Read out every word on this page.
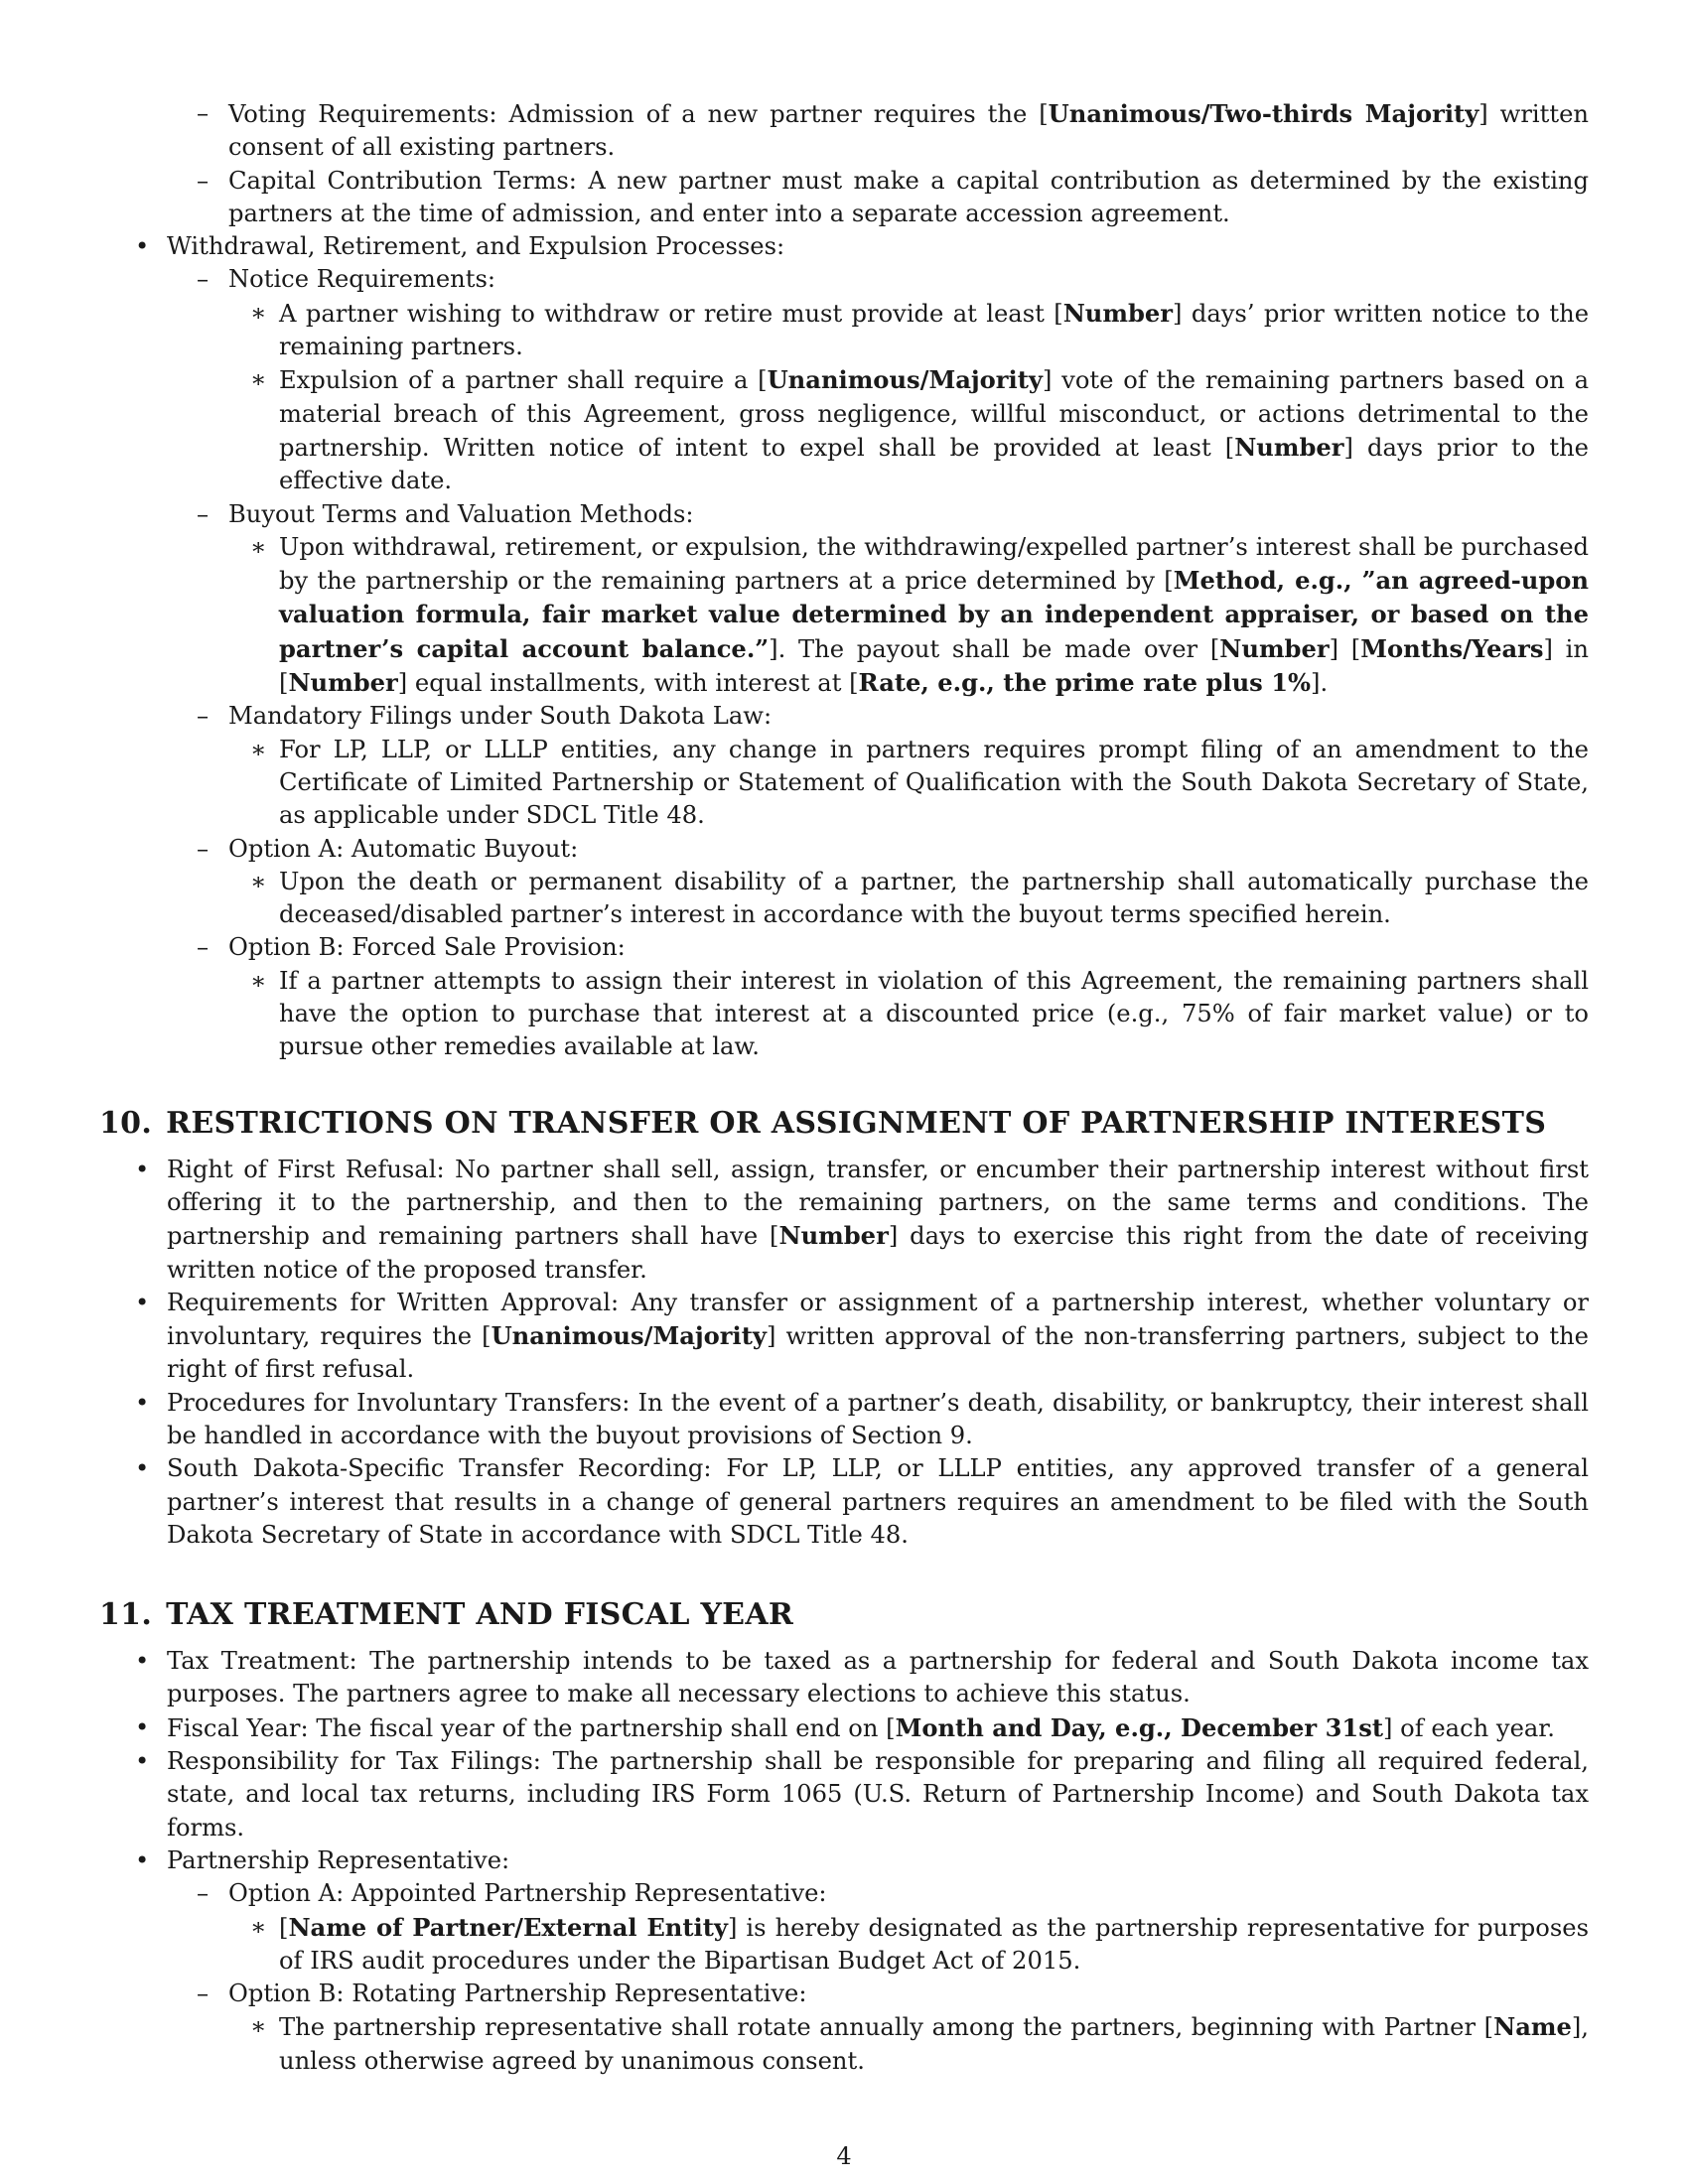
– Voting Requirements: Admission of a new partner requires the [Unanimous/Two-thirds Majority] written consent of all existing partners.
– Capital Contribution Terms: A new partner must make a capital contribution as determined by the existing partners at the time of admission, and enter into a separate accession agreement.
• Withdrawal, Retirement, and Expulsion Processes:
– Notice Requirements:
∗ A partner wishing to withdraw or retire must provide at least [Number] days’ prior written notice to the remaining partners.
∗ Expulsion of a partner shall require a [Unanimous/Majority] vote of the remaining partners based on a material breach of this Agreement, gross negligence, willful misconduct, or actions detrimental to the partnership. Written notice of intent to expel shall be provided at least [Number] days prior to the effective date.
– Buyout Terms and Valuation Methods:
∗ Upon withdrawal, retirement, or expulsion, the withdrawing/expelled partner’s interest shall be purchased by the partnership or the remaining partners at a price determined by [Method, e.g., ”an agreed-upon valuation formula, fair market value determined by an independent appraiser, or based on the partner’s capital account balance.”]. The payout shall be made over [Number] [Months/Years] in [Number] equal installments, with interest at [Rate, e.g., the prime rate plus 1%].
– Mandatory Filings under South Dakota Law:
∗ For LP, LLP, or LLLP entities, any change in partners requires prompt filing of an amendment to the Certificate of Limited Partnership or Statement of Qualification with the South Dakota Secretary of State, as applicable under SDCL Title 48.
– Option A: Automatic Buyout:
∗ Upon the death or permanent disability of a partner, the partnership shall automatically purchase the deceased/disabled partner’s interest in accordance with the buyout terms specified herein.
– Option B: Forced Sale Provision:
∗ If a partner attempts to assign their interest in violation of this Agreement, the remaining partners shall have the option to purchase that interest at a discounted price (e.g., 75% of fair market value) or to pursue other remedies available at law.
10. RESTRICTIONS ON TRANSFER OR ASSIGNMENT OF PARTNERSHIP INTERESTS
• Right of First Refusal: No partner shall sell, assign, transfer, or encumber their partnership interest without first offering it to the partnership, and then to the remaining partners, on the same terms and conditions. The partnership and remaining partners shall have [Number] days to exercise this right from the date of receiving written notice of the proposed transfer.
• Requirements for Written Approval: Any transfer or assignment of a partnership interest, whether voluntary or involuntary, requires the [Unanimous/Majority] written approval of the non-transferring partners, subject to the right of first refusal.
• Procedures for Involuntary Transfers: In the event of a partner’s death, disability, or bankruptcy, their interest shall be handled in accordance with the buyout provisions of Section 9.
• South Dakota-Specific Transfer Recording: For LP, LLP, or LLLP entities, any approved transfer of a general partner’s interest that results in a change of general partners requires an amendment to be filed with the South Dakota Secretary of State in accordance with SDCL Title 48.
11. TAX TREATMENT AND FISCAL YEAR
• Tax Treatment: The partnership intends to be taxed as a partnership for federal and South Dakota income tax purposes. The partners agree to make all necessary elections to achieve this status.
• Fiscal Year: The fiscal year of the partnership shall end on [Month and Day, e.g., December 31st] of each year.
• Responsibility for Tax Filings: The partnership shall be responsible for preparing and filing all required federal, state, and local tax returns, including IRS Form 1065 (U.S. Return of Partnership Income) and South Dakota tax forms.
• Partnership Representative:
– Option A: Appointed Partnership Representative:
∗ [Name of Partner/External Entity] is hereby designated as the partnership representative for purposes of IRS audit procedures under the Bipartisan Budget Act of 2015.
– Option B: Rotating Partnership Representative:
∗ The partnership representative shall rotate annually among the partners, beginning with Partner [Name], unless otherwise agreed by unanimous consent.
4
